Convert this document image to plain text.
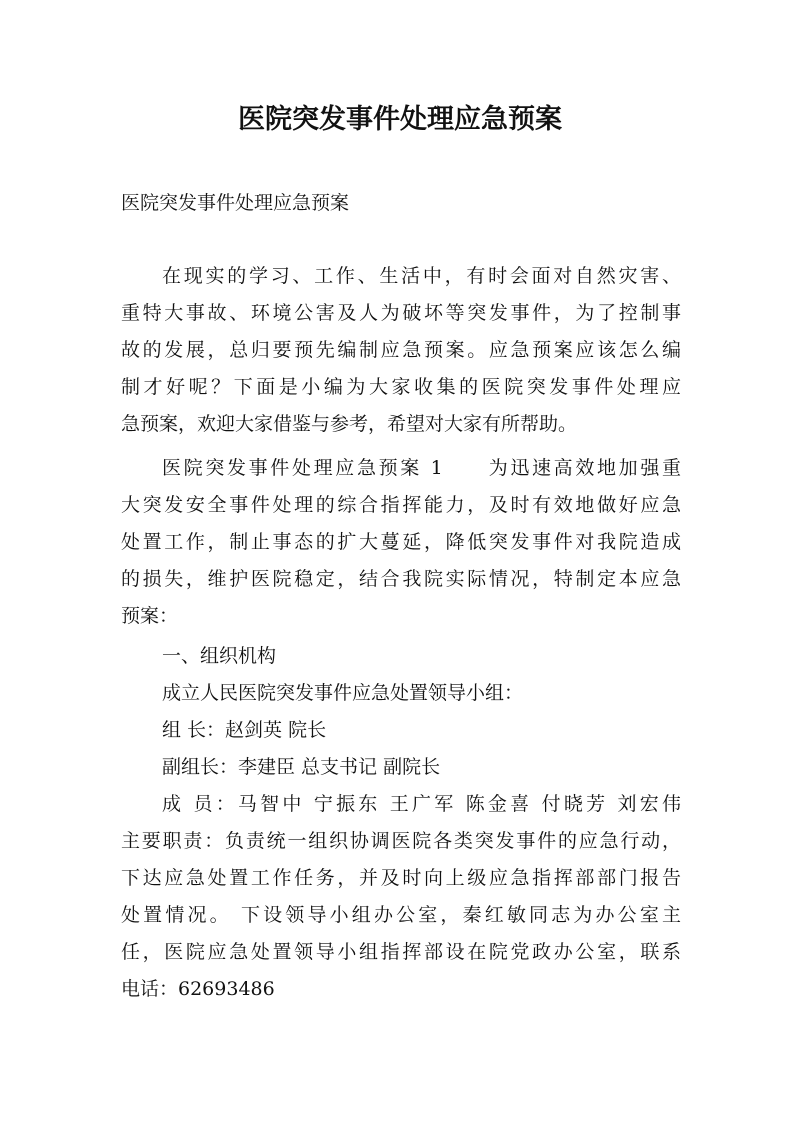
医院突发事件处理应急预案

医院突发事件处理应急预案

在现实的学习、工作、生活中，有时会面对自然灾害、
重特大事故、环境公害及人为破坏等突发事件，为了控制事
故的发展，总归要预先编制应急预案。应急预案应该怎么编
制才好呢？下面是小编为大家收集的医院突发事件处理应
急预案，欢迎大家借鉴与参考，希望对大家有所帮助。
医院突发事件处理应急预案 1　　为迅速高效地加强重
大突发安全事件处理的综合指挥能力，及时有效地做好应急
处置工作，制止事态的扩大蔓延，降低突发事件对我院造成
的损失，维护医院稳定，结合我院实际情况，特制定本应急
预案：
一、组织机构
成立人民医院突发事件应急处置领导小组：
组 长：赵剑英 院长
副组长：李建臣 总支书记 副院长
成 员：马智中 宁振东 王广军 陈金喜 付晓芳 刘宏伟
主要职责：负责统一组织协调医院各类突发事件的应急行动，
下达应急处置工作任务，并及时向上级应急指挥部部门报告
处置情况。 下设领导小组办公室，秦红敏同志为办公室主
任，医院应急处置领导小组指挥部设在院党政办公室，联系
电话：62693486
